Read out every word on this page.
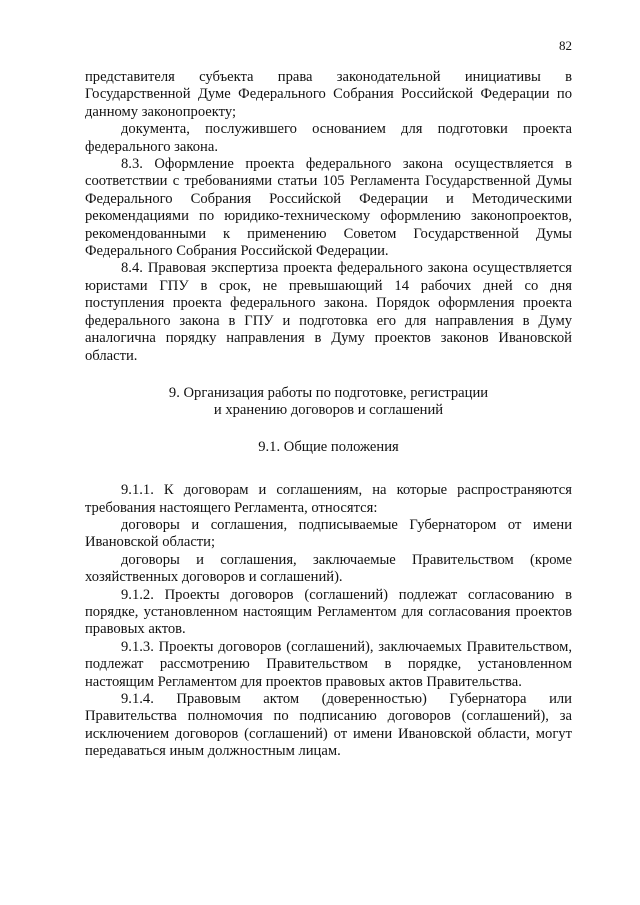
82

представителя субъекта права законодательной инициативы в Государственной Думе Федерального Собрания Российской Федерации по данному законопроекту;

документа, послужившего основанием для подготовки проекта федерального закона.

8.3. Оформление проекта федерального закона осуществляется в соответствии с требованиями статьи 105 Регламента Государственной Думы Федерального Собрания Российской Федерации и Методическими рекомендациями по юридико-техническому оформлению законопроектов, рекомендованными к применению Советом Государственной Думы Федерального Собрания Российской Федерации.

8.4. Правовая экспертиза проекта федерального закона осуществляется юристами ГПУ в срок, не превышающий 14 рабочих дней со дня поступления проекта федерального закона. Порядок оформления проекта федерального закона в ГПУ и подготовка его для направления в Думу аналогична порядку направления в Думу проектов законов Ивановской области.

9. Организация работы по подготовке, регистрации

и хранению договоров и соглашений

9.1. Общие положения

9.1.1. К договорам и соглашениям, на которые распространяются требования настоящего Регламента, относятся:

договоры и соглашения, подписываемые Губернатором от имени Ивановской области;

договоры и соглашения, заключаемые Правительством (кроме хозяйственных договоров и соглашений).

9.1.2. Проекты договоров (соглашений) подлежат согласованию в порядке, установленном настоящим Регламентом для согласования проектов правовых актов.

9.1.3. Проекты договоров (соглашений), заключаемых Правительством, подлежат рассмотрению Правительством в порядке, установленном настоящим Регламентом для проектов правовых актов Правительства.

9.1.4. Правовым актом (доверенностью) Губернатора или Правительства полномочия по подписанию договоров (соглашений), за исключением договоров (соглашений) от имени Ивановской области, могут передаваться иным должностным лицам.
